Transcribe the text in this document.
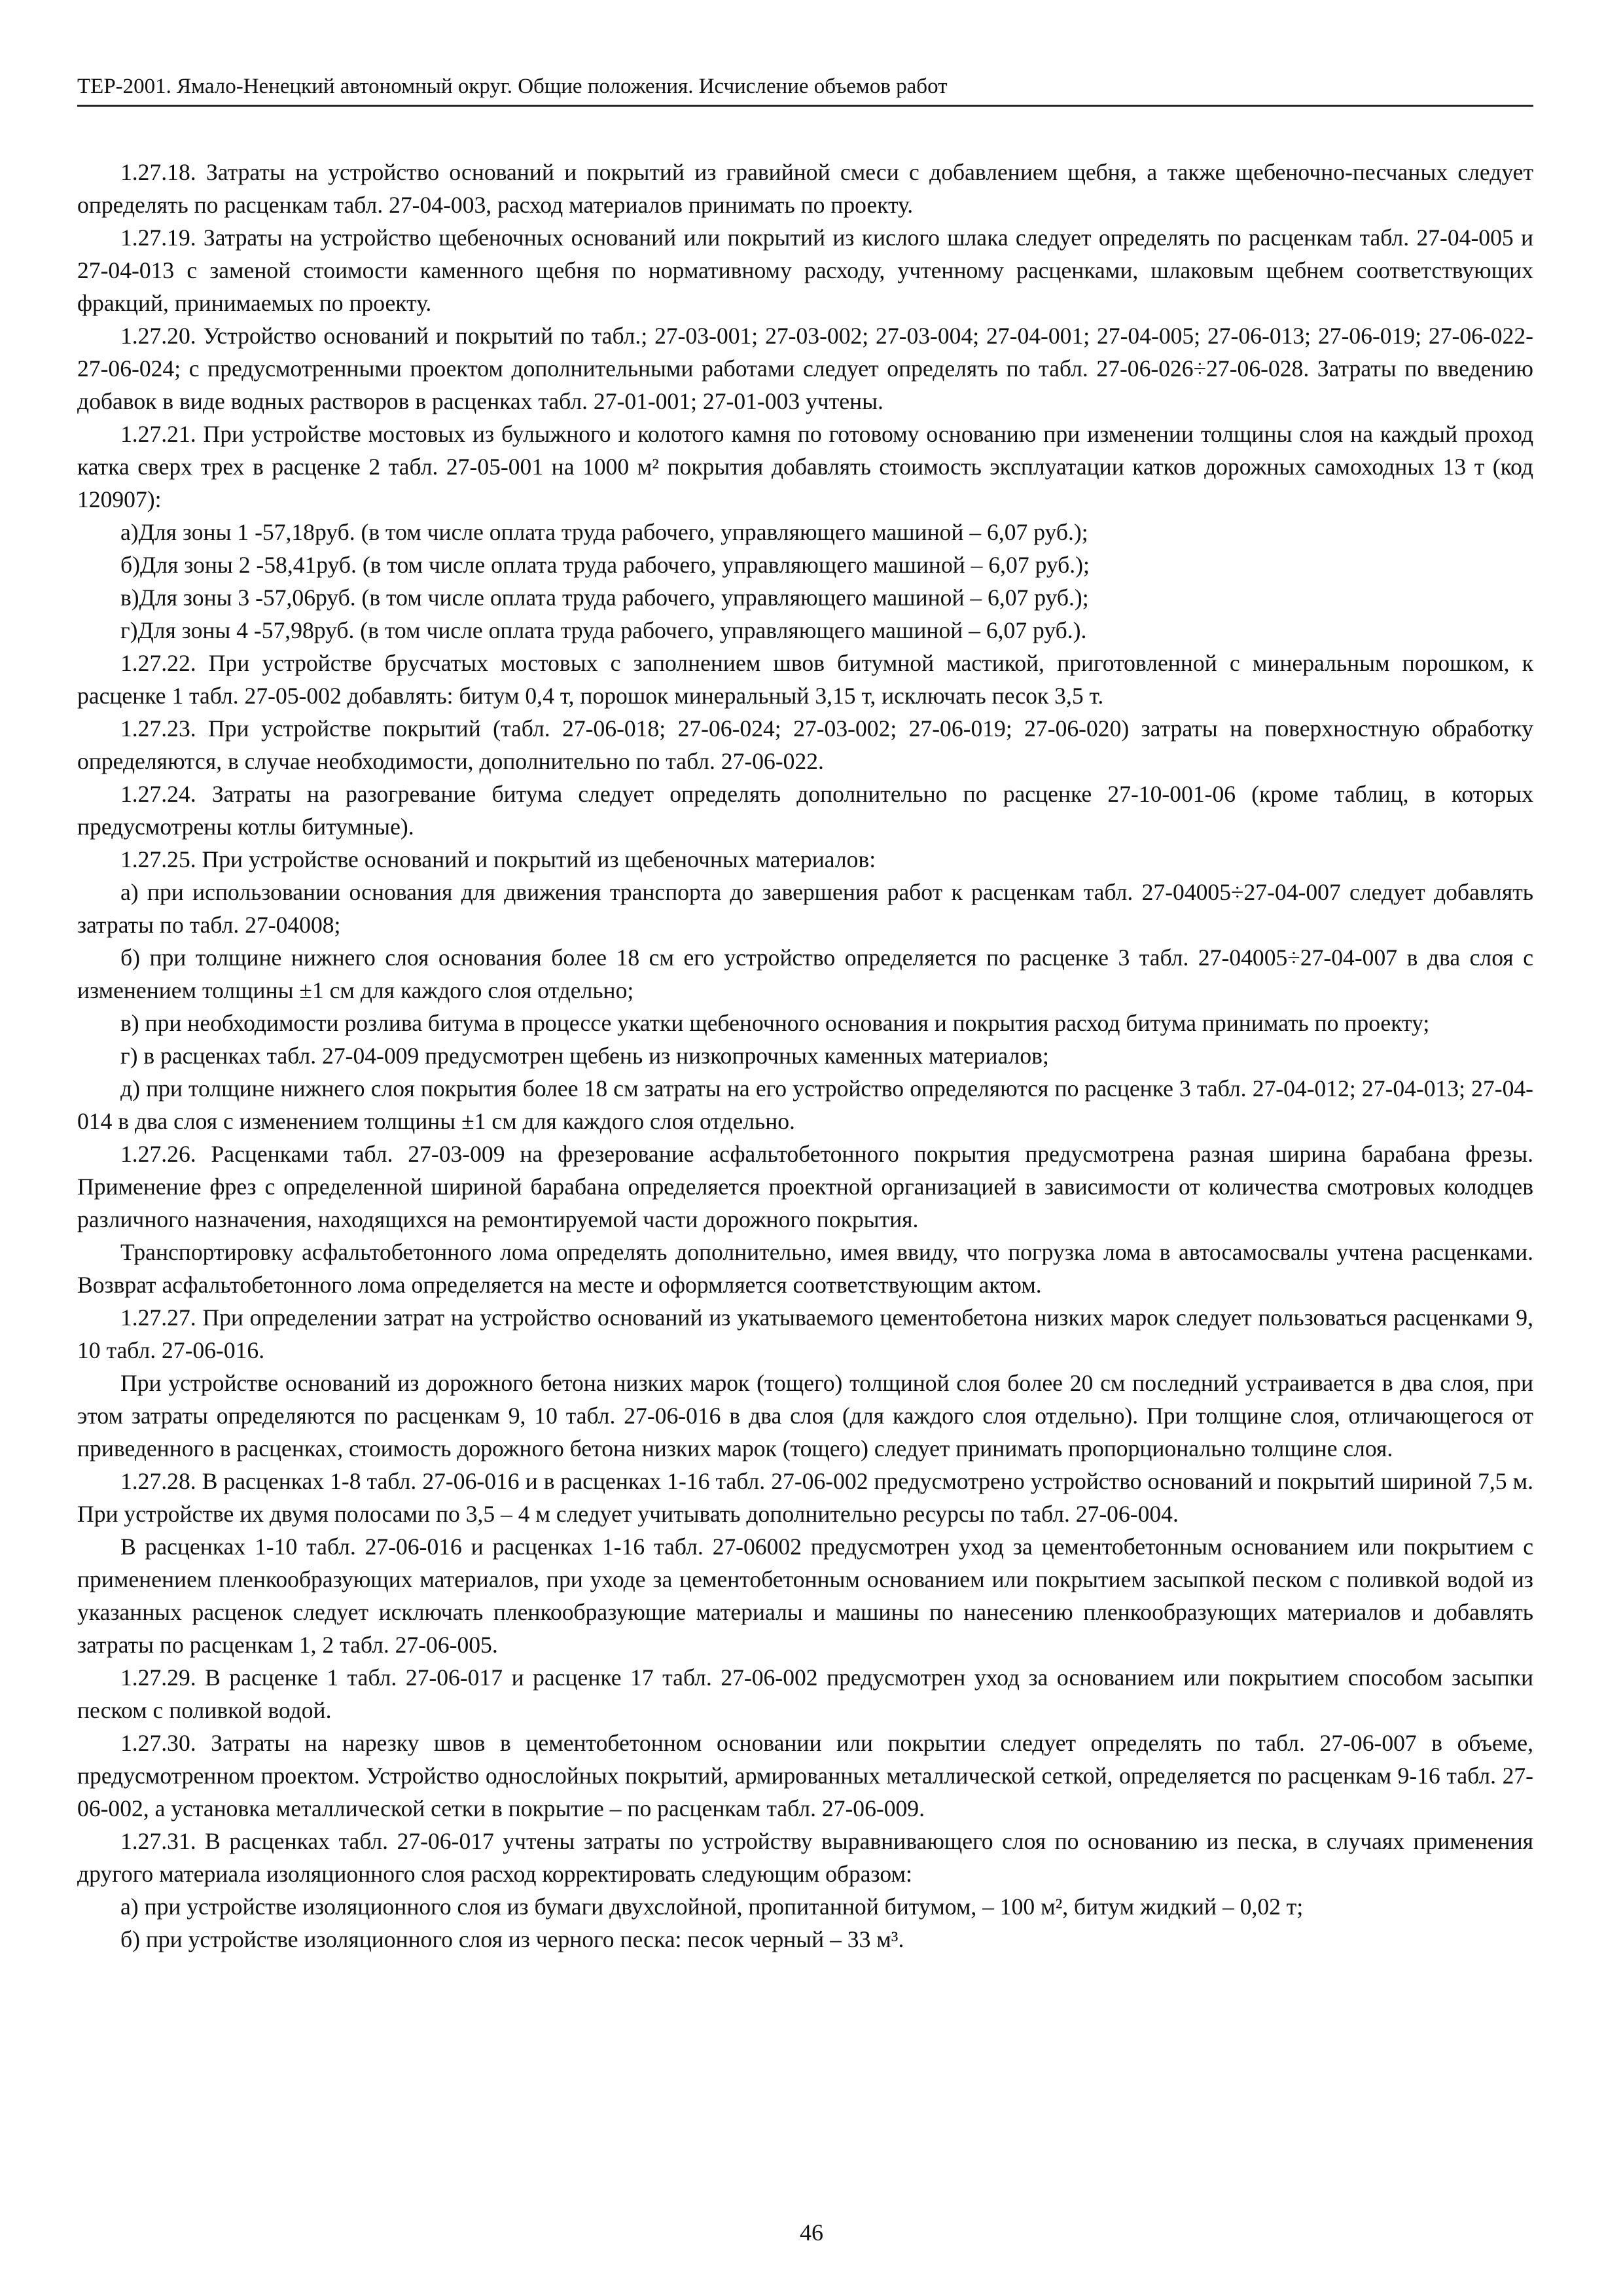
ТЕР-2001. Ямало-Ненецкий автономный округ. Общие положения. Исчисление объемов работ

1.27.18. Затраты на устройство оснований и покрытий из гравийной смеси с добавлением щебня, а также щебеночно-песчаных следует определять по расценкам табл. 27-04-003, расход материалов принимать по проекту.

1.27.19. Затраты на устройство щебеночных оснований или покрытий из кислого шлака следует определять по расценкам табл. 27-04-005 и 27-04-013 с заменой стоимости каменного щебня по нормативному расходу, учтенному расценками, шлаковым щебнем соответствующих фракций, принимаемых по проекту.

1.27.20. Устройство оснований и покрытий по табл.; 27-03-001; 27-03-002; 27-03-004; 27-04-001; 27-04-005; 27-06-013; 27-06-019; 27-06-022-27-06-024; с предусмотренными проектом дополнительными работами следует определять по табл. 27-06-026÷27-06-028. Затраты по введению добавок в виде водных растворов в расценках табл. 27-01-001; 27-01-003 учтены.

1.27.21. При устройстве мостовых из булыжного и колотого камня по готовому основанию при изменении толщины слоя на каждый проход катка сверх трех в расценке 2 табл. 27-05-001 на 1000 м² покрытия добавлять стоимость эксплуатации катков дорожных самоходных 13 т (код 120907):

а)Для зоны 1 -57,18руб. (в том числе оплата труда рабочего, управляющего машиной – 6,07 руб.);

б)Для зоны 2 -58,41руб. (в том числе оплата труда рабочего, управляющего машиной – 6,07 руб.);

в)Для зоны 3 -57,06руб. (в том числе оплата труда рабочего, управляющего машиной – 6,07 руб.);

г)Для зоны 4 -57,98руб. (в том числе оплата труда рабочего, управляющего машиной – 6,07 руб.).

1.27.22. При устройстве брусчатых мостовых с заполнением швов битумной мастикой, приготовленной с минеральным порошком, к расценке 1 табл. 27-05-002 добавлять: битум 0,4 т, порошок минеральный 3,15 т, исключать песок 3,5 т.

1.27.23. При устройстве покрытий (табл. 27-06-018; 27-06-024; 27-03-002; 27-06-019; 27-06-020) затраты на поверхностную обработку определяются, в случае необходимости, дополнительно по табл. 27-06-022.

1.27.24. Затраты на разогревание битума следует определять дополнительно по расценке 27-10-001-06 (кроме таблиц, в которых предусмотрены котлы битумные).

1.27.25. При устройстве оснований и покрытий из щебеночных материалов:

а) при использовании основания для движения транспорта до завершения работ к расценкам табл. 27-04005÷27-04-007 следует добавлять затраты по табл. 27-04008;

б) при толщине нижнего слоя основания более 18 см его устройство определяется по расценке 3 табл. 27-04005÷27-04-007 в два слоя с изменением толщины ±1 см для каждого слоя отдельно;

в) при необходимости розлива битума в процессе укатки щебеночного основания и покрытия расход битума принимать по проекту;

г) в расценках табл. 27-04-009 предусмотрен щебень из низкопрочных каменных материалов;

д) при толщине нижнего слоя покрытия более 18 см затраты на его устройство определяются по расценке 3 табл. 27-04-012; 27-04-013; 27-04-014 в два слоя с изменением толщины ±1 см для каждого слоя отдельно.

1.27.26. Расценками табл. 27-03-009 на фрезерование асфальтобетонного покрытия предусмотрена разная ширина барабана фрезы. Применение фрез с определенной шириной барабана определяется проектной организацией в зависимости от количества смотровых колодцев различного назначения, находящихся на ремонтируемой части дорожного покрытия.

Транспортировку асфальтобетонного лома определять дополнительно, имея ввиду, что погрузка лома в автосамосвалы учтена расценками. Возврат асфальтобетонного лома определяется на месте и оформляется соответствующим актом.

1.27.27. При определении затрат на устройство оснований из укатываемого цементобетона низких марок следует пользоваться расценками 9, 10 табл. 27-06-016.

При устройстве оснований из дорожного бетона низких марок (тощего) толщиной слоя более 20 см последний устраивается в два слоя, при этом затраты определяются по расценкам 9, 10 табл. 27-06-016 в два слоя (для каждого слоя отдельно). При толщине слоя, отличающегося от приведенного в расценках, стоимость дорожного бетона низких марок (тощего) следует принимать пропорционально толщине слоя.

1.27.28. В расценках 1-8 табл. 27-06-016 и в расценках 1-16 табл. 27-06-002 предусмотрено устройство оснований и покрытий шириной 7,5 м. При устройстве их двумя полосами по 3,5 – 4 м следует учитывать дополнительно ресурсы по табл. 27-06-004.

В расценках 1-10 табл. 27-06-016 и расценках 1-16 табл. 27-06002 предусмотрен уход за цементобетонным основанием или покрытием с применением пленкообразующих материалов, при уходе за цементобетонным основанием или покрытием засыпкой песком с поливкой водой из указанных расценок следует исключать пленкообразующие материалы и машины по нанесению пленкообразующих материалов и добавлять затраты по расценкам 1, 2 табл. 27-06-005.

1.27.29. В расценке 1 табл. 27-06-017 и расценке 17 табл. 27-06-002 предусмотрен уход за основанием или покрытием способом засыпки песком с поливкой водой.

1.27.30. Затраты на нарезку швов в цементобетонном основании или покрытии следует определять по табл. 27-06-007 в объеме, предусмотренном проектом. Устройство однослойных покрытий, армированных металлической сеткой, определяется по расценкам 9-16 табл. 27-06-002, а установка металлической сетки в покрытие – по расценкам табл. 27-06-009.

1.27.31. В расценках табл. 27-06-017 учтены затраты по устройству выравнивающего слоя по основанию из песка, в случаях применения другого материала изоляционного слоя расход корректировать следующим образом:

а) при устройстве изоляционного слоя из бумаги двухслойной, пропитанной битумом, – 100 м², битум жидкий – 0,02 т;

б) при устройстве изоляционного слоя из черного песка: песок черный – 33 м³.

46
